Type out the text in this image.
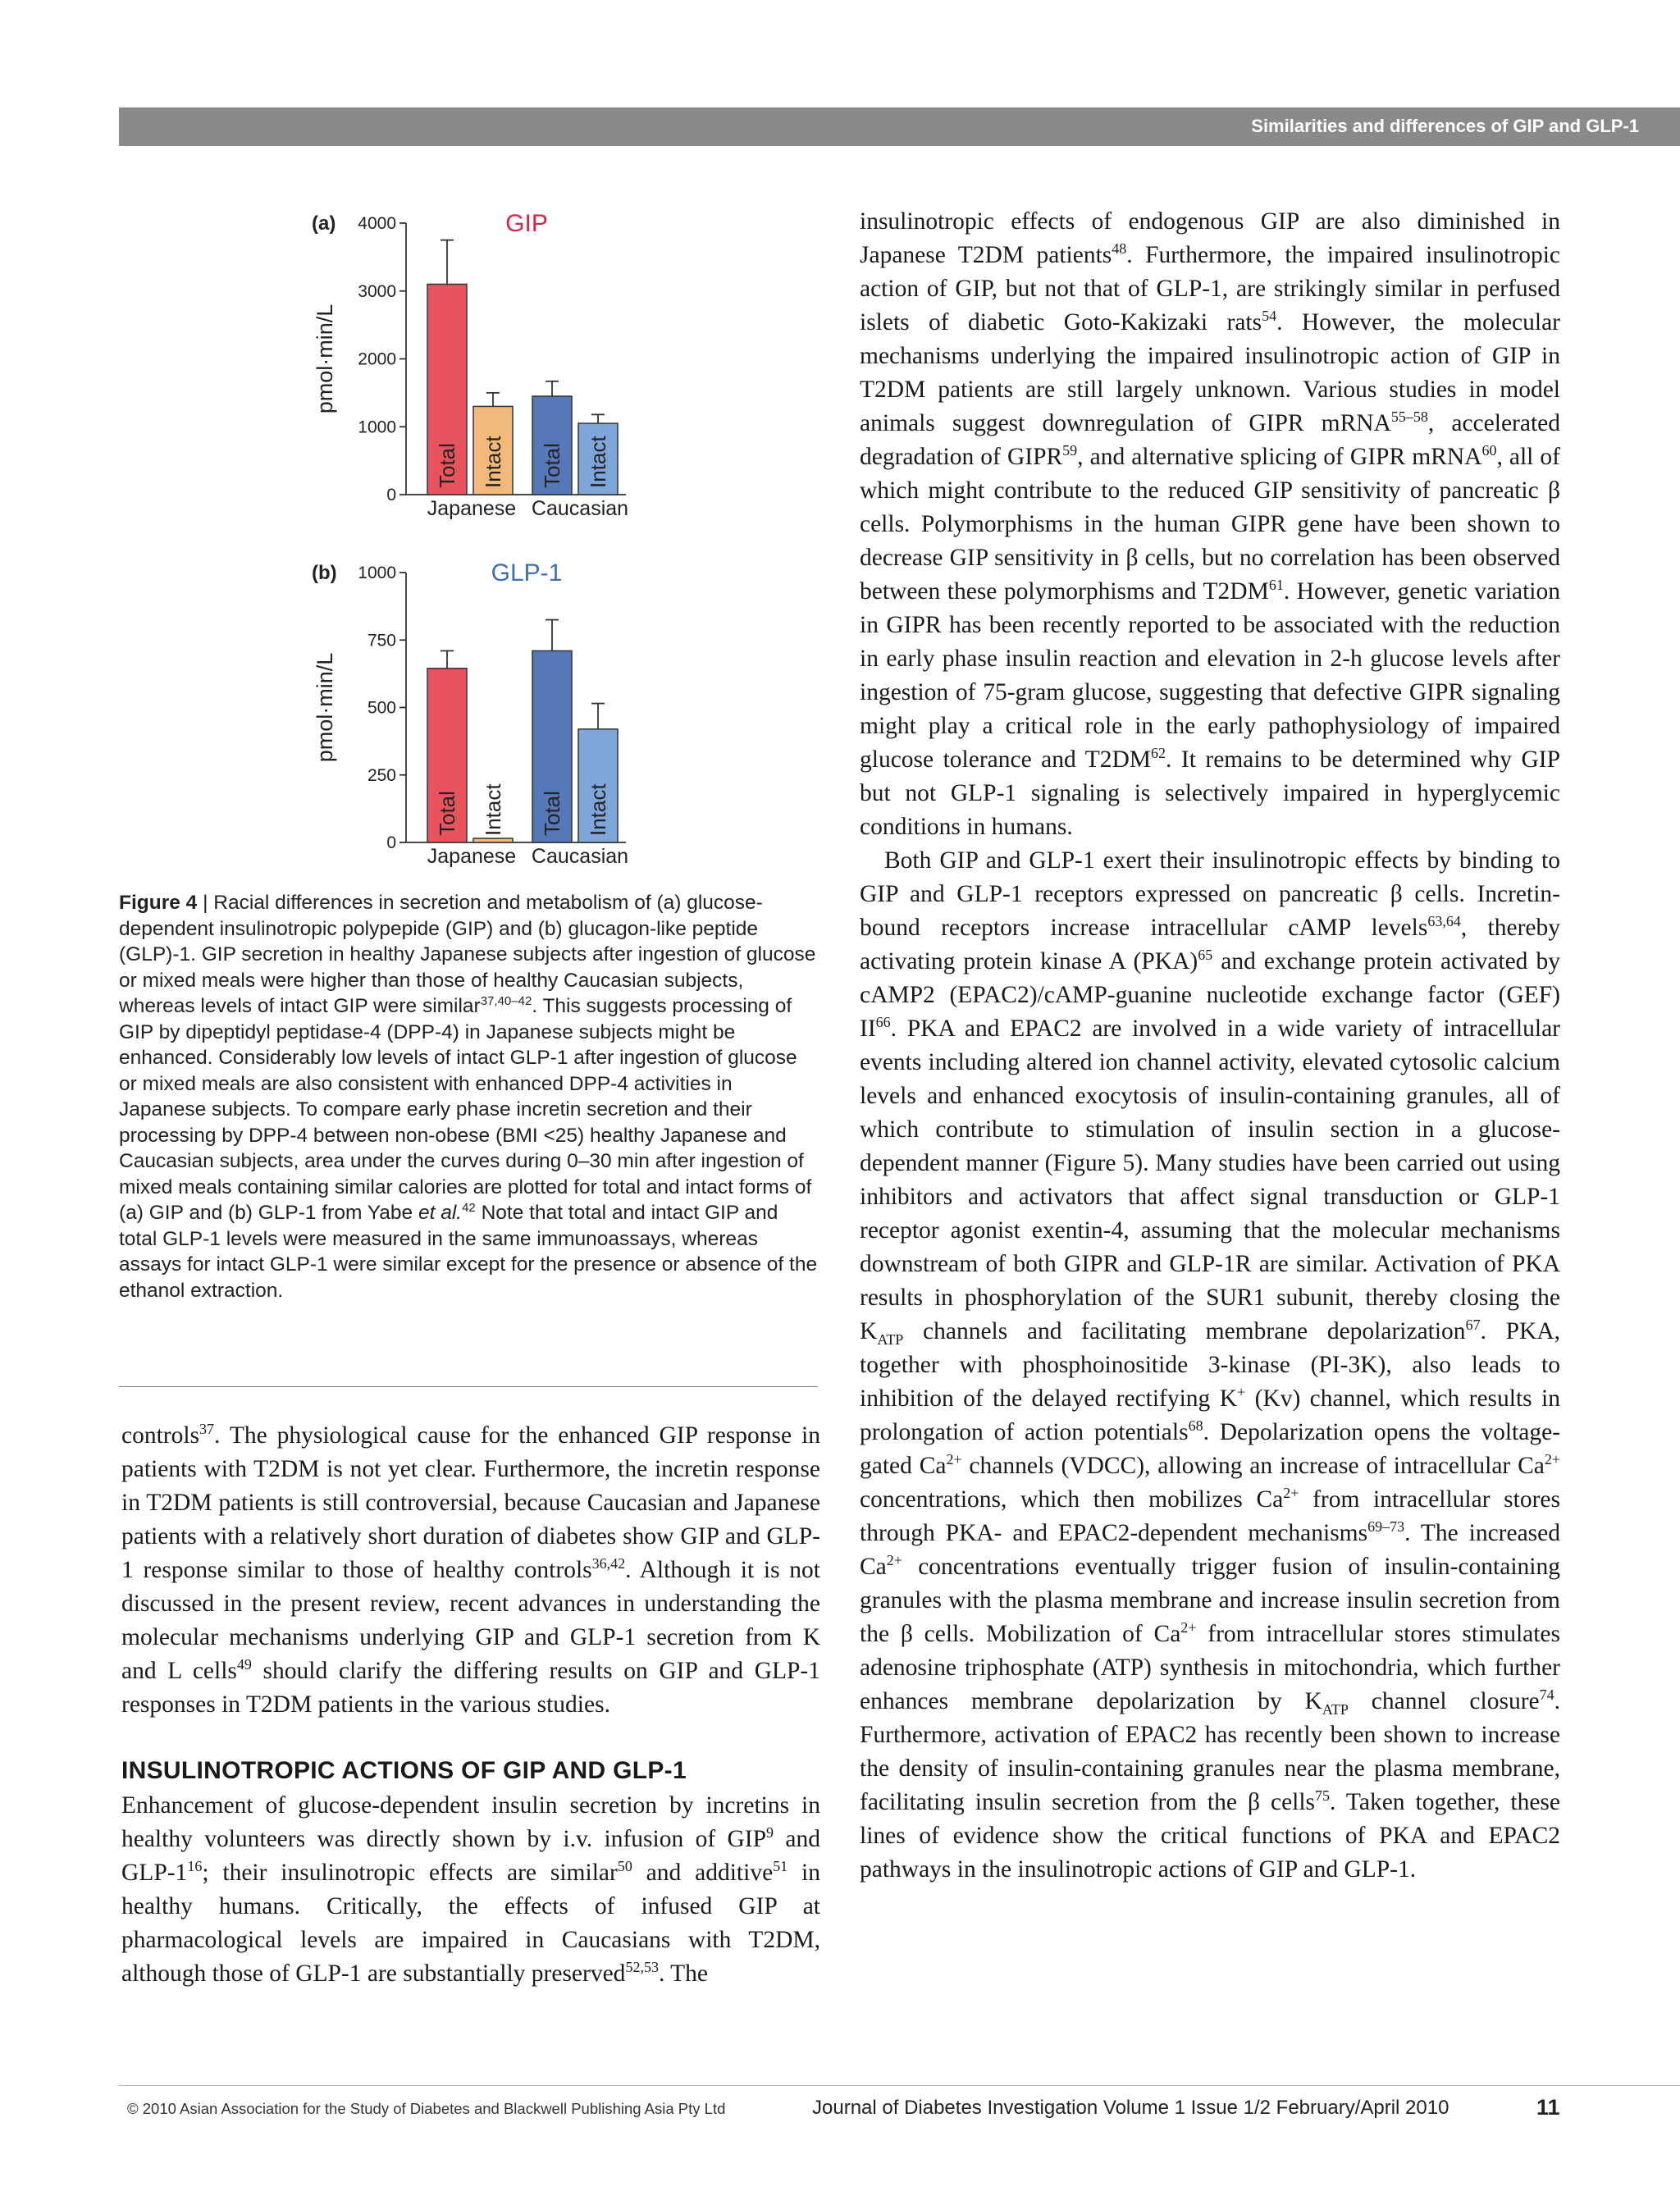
Similarities and differences of GIP and GLP-1
(a)	GIP
0
1000
2000
3000
4000
pmol·min/L
Total Intact Total Intact
Japanese Caucasian
(b)	GLP-1
0
250
500
750
1000
pmol·min/L
Total Intact Total Intact
Japanese Caucasian
Figure 4 | Racial differences in secretion and metabolism of (a) glucose-dependent insulinotropic polypepide (GIP) and (b) glucagon-like peptide (GLP)-1. GIP secretion in healthy Japanese subjects after ingestion of glucose or mixed meals were higher than those of healthy Caucasian subjects, whereas levels of intact GIP were similar$^{37,40-42}$. This suggests processing of GIP by dipeptidyl peptidase-4 (DPP-4) in Japanese subjects might be enhanced. Considerably low levels of intact GLP-1 after ingestion of glucose or mixed meals are also consistent with enhanced DPP-4 activities in Japanese subjects. To compare early phase incretin secretion and their processing by DPP-4 between non-obese (BMI <25) healthy Japanese and Caucasian subjects, area under the curves during 0–30 min after ingestion of mixed meals containing similar calories are plotted for total and intact forms of (a) GIP and (b) GLP-1 from Yabe et al.$^{42}$ Note that total and intact GIP and total GLP-1 levels were measured in the same immunoassays, whereas assays for intact GLP-1 were similar except for the presence or absence of the ethanol extraction.

controls$^{37}$. The physiological cause for the enhanced GIP response in patients with T2DM is not yet clear. Furthermore, the incretin response in T2DM patients is still controversial, because Caucasian and Japanese patients with a relatively short duration of diabetes show GIP and GLP-1 response similar to those of healthy controls$^{36,42}$. Although it is not discussed in the present review, recent advances in understanding the molecular mechanisms underlying GIP and GLP-1 secretion from K and L cells$^{49}$ should clarify the differing results on GIP and GLP-1 responses in T2DM patients in the various studies.

INSULINOTROPIC ACTIONS OF GIP AND GLP-1

Enhancement of glucose-dependent insulin secretion by incretins in healthy volunteers was directly shown by i.v. infusion of GIP$^9$ and GLP-$1^{16}$; their insulinotropic effects are similar$^{50}$ and additive$^{51}$ in healthy humans. Critically, the effects of infused GIP at pharmacological levels are impaired in Caucasians with T2DM, although those of GLP-1 are substantially preserved$^{52,53}$. The

insulinotropic effects of endogenous GIP are also diminished in Japanese T2DM patients$^{48}$. Furthermore, the impaired insulinotropic action of GIP, but not that of GLP-1, are strikingly similar in perfused islets of diabetic Goto-Kakizaki rats$^{54}$. However, the molecular mechanisms underlying the impaired insulinotropic action of GIP in T2DM patients are still largely unknown. Various studies in model animals suggest downregulation of GIPR mRNA$^{55-58}$, accelerated degradation of GIPR$^{59}$, and alternative splicing of GIPR mRNA$^{60}$, all of which might contribute to the reduced GIP sensitivity of pancreatic β cells. Polymorphisms in the human GIPR gene have been shown to decrease GIP sensitivity in β cells, but no correlation has been observed between these polymorphisms and T2DM$^{61}$. However, genetic variation in GIPR has been recently reported to be associated with the reduction in early phase insulin reaction and elevation in 2-h glucose levels after ingestion of 75-gram glucose, suggesting that defective GIPR signaling might play a critical role in the early pathophysiology of impaired glucose tolerance and T2DM$^{62}$. It remains to be determined why GIP but not GLP-1 signaling is selectively impaired in hyperglycemic conditions in humans.

Both GIP and GLP-1 exert their insulinotropic effects by binding to GIP and GLP-1 receptors expressed on pancreatic β cells. Incretin-bound receptors increase intracellular cAMP levels$^{63,64}$, thereby activating protein kinase A (PKA)$^{65}$ and exchange protein activated by cAMP2 (EPAC2)/cAMP-guanine nucleotide exchange factor (GEF) II$^{66}$. PKA and EPAC2 are involved in a wide variety of intracellular events including altered ion channel activity, elevated cytosolic calcium levels and enhanced exocytosis of insulin-containing granules, all of which contribute to stimulation of insulin section in a glucose-dependent manner (Figure 5). Many studies have been carried out using inhibitors and activators that affect signal transduction or GLP-1 receptor agonist exentin-4, assuming that the molecular mechanisms downstream of both GIPR and GLP-1R are similar. Activation of PKA results in phosphorylation of the SUR1 subunit, thereby closing the $K_{ATP}$ channels and facilitating membrane depolarization$^{67}$. PKA, together with phosphoinositide 3-kinase (PI-3K), also leads to inhibition of the delayed rectifying K+ (Kv) channel, which results in prolongation of action potentials$^{68}$. Depolarization opens the voltage-gated $Ca^{2+}$ channels (VDCC), allowing an increase of intracellular $Ca^{2+}$ concentrations, which then mobilizes $Ca^{2+}$ from intracellular stores through PKA- and EPAC2-dependent mechanisms$^{69-73}$. The increased $Ca^{2+}$ concentrations eventually trigger fusion of insulin-containing granules with the plasma membrane and increase insulin secretion from the β cells. Mobilization of $Ca^{2+}$ from intracellular stores stimulates adenosine triphosphate (ATP) synthesis in mitochondria, which further enhances membrane depolarization by $K_{ATP}$ channel closure$^{74}$. Furthermore, activation of EPAC2 has recently been shown to increase the density of insulin-containing granules near the plasma membrane, facilitating insulin secretion from the β cells$^{75}$. Taken together, these lines of evidence show the critical functions of PKA and EPAC2 pathways in the insulinotropic actions of GIP and GLP-1.

© 2010 Asian Association for the Study of Diabetes and Blackwell Publishing Asia Pty Ltd	Journal of Diabetes Investigation Volume 1 Issue 1/2 February/April 2010	11
